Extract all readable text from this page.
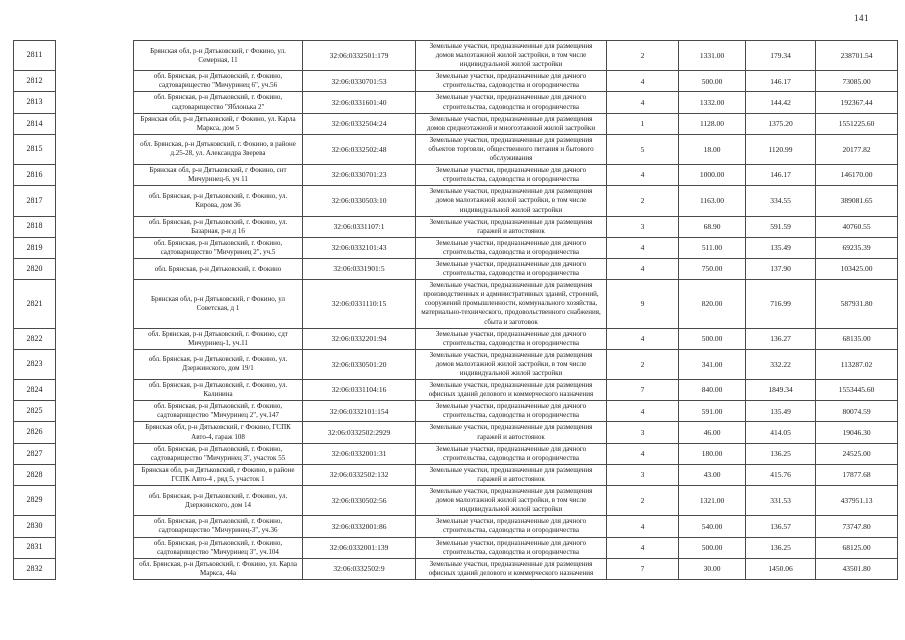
141
2811		Брянская обл, р-н Дятьковский, г Фокино, ул. Семерная, 11	32:06:0332501:179	Земельные участки, предназначенные для размещения домов малоэтажной жилой застройки, в том числе индивидуальной жилой застройки	2	1331.00	179.34	238701.54
2812		обл. Брянская, р-н Дятьковский, г. Фокино, садтоварищество "Мичуринец 6", уч.56	32:06:0330701:53	Земельные участки, предназначенные для дачного строительства, садоводства и огородничества	4	500.00	146.17	73085.00
2813		обл. Брянская, р-н Дятьковский, г. Фокино, садтоварищество "Яблонька 2"	32:06:0331601:40	Земельные участки, предназначенные для дачного строительства, садоводства и огородничества	4	1332.00	144.42	192367.44
2814		Брянская обл, р-н Дятьковский, г Фокино, ул. Карла Маркса, дом 5	32:06:0332504:24	Земельные участки, предназначенные для размещения домов среднеэтажной и многоэтажной жилой застройки	1	1128.00	1375.20	1551225.60
2815		обл. Брянская, р-н Дятьковский, г. Фокино, в районе д.25-28, ул. Александра Зверева	32:06:0332502:48	Земельные участки, предназначенные для размещения объектов торговли, общественного питания и бытового обслуживания	5	18.00	1120.99	20177.82
2816		Брянская обл, р-н Дятьковский, г Фокино, снт Мичуринец-6, уч 11	32:06:0330701:23	Земельные участки, предназначенные для дачного строительства, садоводства и огородничества	4	1000.00	146.17	146170.00
2817		обл. Брянская, р-н Дятьковский, г. Фокино, ул. Кирова, дом 36	32:06:0330503:10	Земельные участки, предназначенные для размещения домов малоэтажной жилой застройки, в том числе индивидуальной жилой застройки	2	1163.00	334.55	389081.65
2818		обл. Брянская, р-н Дятьковский, г. Фокино, ул. Базарная, р-н д 16	32:06:0331107:1	Земельные участки, предназначенные для размещения гаражей и автостоянок	3	68.90	591.59	40760.55
2819		обл. Брянская, р-н Дятьковский, г. Фокино, садтоварищество "Мичуринец 2", уч.5	32:06:0332101:43	Земельные участки, предназначенные для дачного строительства, садоводства и огородничества	4	511.00	135.49	69235.39
2820		обл. Брянская, р-н Дятьковский, г. Фокино	32:06:0331901:5	Земельные участки, предназначенные для дачного строительства, садоводства и огородничества	4	750.00	137.90	103425.00
2821		Брянская обл, р-н Дятьковский, г Фокино, ул Советская, д 1	32:06:0331110:15	Земельные участки, предназначенные для размещения производственных и административных зданий, строений, сооружений промышленности, коммунального хозяйства, материально-технического, продовольственного снабжения, сбыта и заготовок	9	820.00	716.99	587931.80
2822		обл. Брянская, р-н Дятьковский, г. Фокино, сдт Мичуринец-1, уч.11	32:06:0332201:94	Земельные участки, предназначенные для дачного строительства, садоводства и огородничества	4	500.00	136.27	68135.00
2823		обл. Брянская, р-н Дятьковский, г. Фокино, ул. Дзержинского, дом 19/1	32:06:0330501:20	Земельные участки, предназначенные для размещения домов малоэтажной жилой застройки, в том числе индивидуальной жилой застройки	2	341.00	332.22	113287.02
2824		обл. Брянская, р-н Дятьковский, г. Фокино, ул. Калинина	32:06:0331104:16	Земельные участки, предназначенные для размещения офисных зданий делового и коммерческого назначения	7	840.00	1849.34	1553445.60
2825		обл. Брянская, р-н Дятьковский, г. Фокино, садтоварищество "Мичуринец 2", уч.147	32:06:0332101:154	Земельные участки, предназначенные для дачного строительства, садоводства и огородничества	4	591.00	135.49	80074.59
2826		Брянская обл, р-н Дятьковский, г Фокино, ГСПК Авто-4, гараж 108	32:06:0332502:2929	Земельные участки, предназначенные для размещения гаражей и автостоянок	3	46.00	414.05	19046.30
2827		обл. Брянская, р-н Дятьковский, г. Фокино, садтоварищество "Мичуринец 3", участок 55	32:06:0332001:31	Земельные участки, предназначенные для дачного строительства, садоводства и огородничества	4	180.00	136.25	24525.00
2828		Брянская обл, р-н Дятьковский, г Фокино, в районе ГСПК Авто-4 , ряд 5, участок 1	32:06:0332502:132	Земельные участки, предназначенные для размещения гаражей и автостоянок	3	43.00	415.76	17877.68
2829		обл. Брянская, р-н Дятьковский, г. Фокино, ул. Дзержинского, дом 14	32:06:0330502:56	Земельные участки, предназначенные для размещения домов малоэтажной жилой застройки, в том числе индивидуальной жилой застройки	2	1321.00	331.53	437951.13
2830		обл. Брянская, р-н Дятьковский, г. Фокино, садтоварищество "Мичуринец-3", уч.36	32:06:0332001:86	Земельные участки, предназначенные для дачного строительства, садоводства и огородничества	4	540.00	136.57	73747.80
2831		обл. Брянская, р-н Дятьковский, г. Фокино, садтоварищество "Мичуринец 3", уч.104	32:06:0332001:139	Земельные участки, предназначенные для дачного строительства, садоводства и огородничества	4	500.00	136.25	68125.00
2832		обл. Брянская, р-н Дятьковский, г. Фокино, ул. Карла Маркса, 44а	32:06:0332502:9	Земельные участки, предназначенные для размещения офисных зданий делового и коммерческого назначения	7	30.00	1450.06	43501.80
